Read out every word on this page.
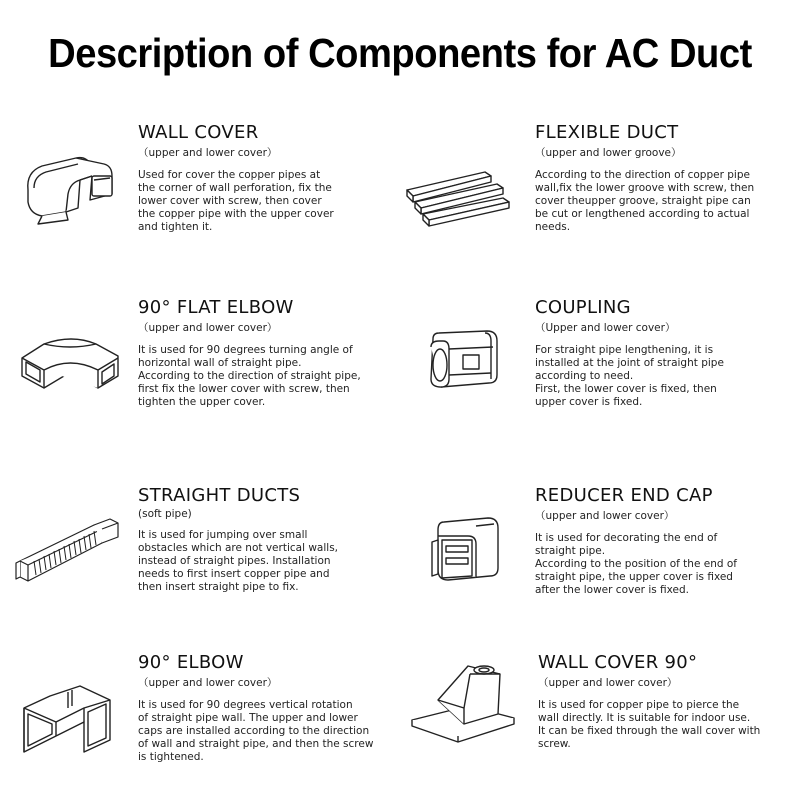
Description of Components for AC Duct
WALL COVER
（upper and lower cover）
Used for cover the copper pipes at
the corner of wall perforation, fix the
lower cover with screw, then cover
the copper pipe with the upper cover
and tighten it.
FLEXIBLE DUCT
（upper and lower groove）
According to the direction of copper pipe
wall,fix the lower groove with screw, then
cover theupper groove, straight pipe can
be cut or lengthened according to actual
needs.
90° FLAT ELBOW
（upper and lower cover）
It is used for 90 degrees turning angle of
horizontal wall of straight pipe.
According to the direction of straight pipe,
first fix the lower cover with screw, then
tighten the upper cover.
COUPLING
（Upper and lower cover）
For straight pipe lengthening, it is
installed at the joint of straight pipe
according to need.
First, the lower cover is fixed, then
upper cover is fixed.
STRAIGHT DUCTS
(soft pipe)
It is used for jumping over small
obstacles which are not vertical walls,
instead of straight pipes. Installation
needs to first insert copper pipe and
then insert straight pipe to fix.
REDUCER END CAP
（upper and lower cover）
It is used for decorating the end of
straight pipe.
According to the position of the end of
straight pipe, the upper cover is fixed
after the lower cover is fixed.
90° ELBOW
（upper and lower cover）
It is used for 90 degrees vertical rotation
of straight pipe wall. The upper and lower
caps are installed according to the direction
of wall and straight pipe, and then the screw
is tightened.
WALL COVER 90°
（upper and lower cover）
It is used for copper pipe to pierce the
wall directly. It is suitable for indoor use.
It can be fixed through the wall cover with
screw.
